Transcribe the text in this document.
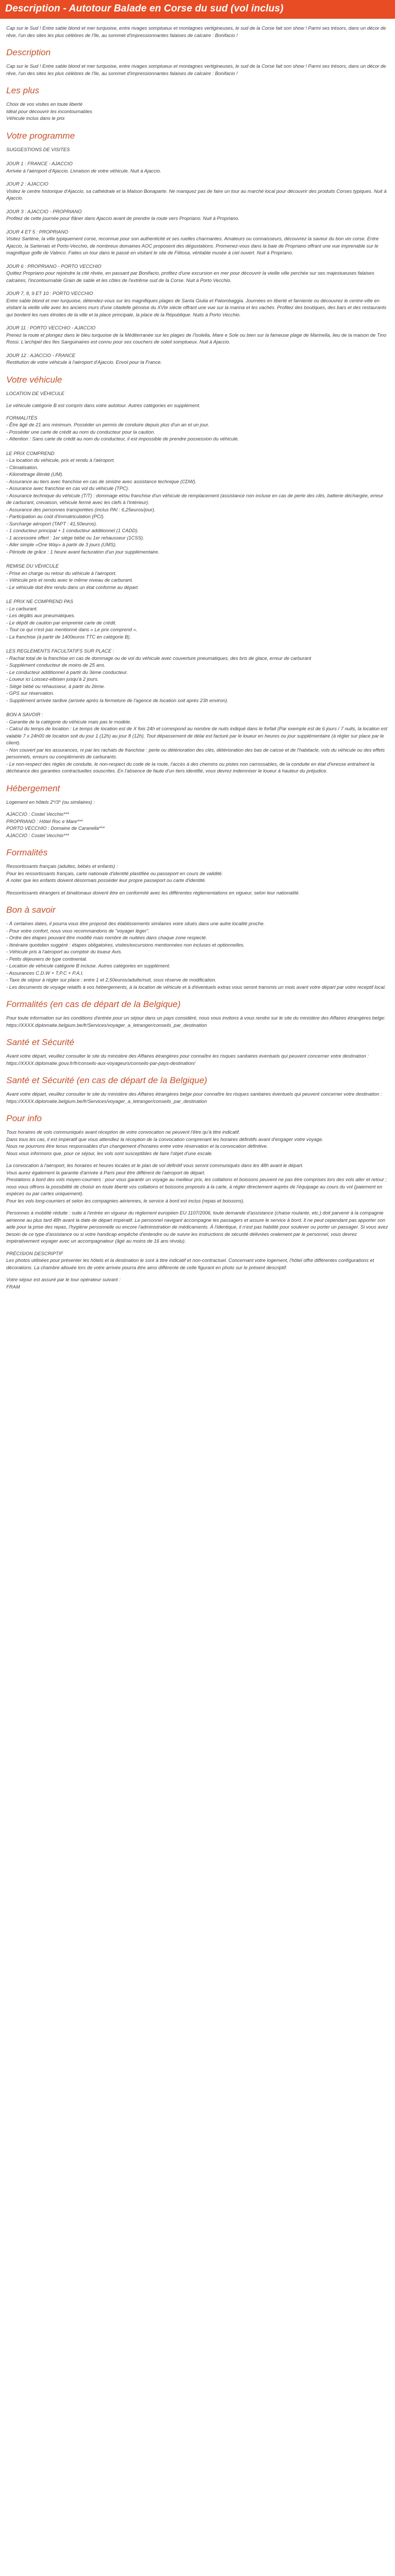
Description - Autotour Balade en Corse du sud (vol inclus)

Cap sur le Sud ! Entre sable blond et mer turquoise, entre rivages somptueux et montagnes vertigineuses, le sud de la Corse fait son show ! Parmi ses trésors, dans un décor de rêve, l'un des sites les plus célèbres de l'île, au sommet d'impressionnantes falaises de calcaire : Bonifacio !

Description

Cap sur le Sud ! Entre sable blond et mer turquoise, entre rivages somptueux et montagnes vertigineuses, le sud de la Corse fait son show ! Parmi ses trésors, dans un décor de rêve, l'un des sites les plus célèbres de l'île, au sommet d'impressionnantes falaises de calcaire : Bonifacio !

Les plus
Choix de vos visites en toute liberté
Idéal pour découvrir les incontournables
Véhicule inclus dans le prix
Votre programme
SUGGESTIONS DE VISITES
JOUR 1 : FRANCE - AJACCIO
Arrivée à l'aéroport d'Ajaccio. Livraison de votre véhicule. Nuit à Ajaccio.
JOUR 2 : AJACCIO
Visitez le centre historique d'Ajaccio, sa cathédrale et la Maison Bonaparte. Ne manquez pas de faire un tour au marché local pour découvrir des produits Corses typiques. Nuit à Ajaccio.
JOUR 3 : AJACCIO - PROPRIANO
Profitez de cette journée pour flâner dans Ajaccio avant de prendre la route vers Propriano. Nuit à Propriano.
JOUR 4 ET 5 : PROPRIANO
Visitez Sartène, la ville typiquement corse, reconnue pour son authenticité et ses ruelles charmantes. Amateurs ou connaisseurs, découvrez la saveur du bon vin corse. Entre Ajaccio, la Sartenais et Porto-Vecchio, de nombreux domaines AOC proposent des dégustations. Promenez-vous dans la baie de Propriano offrant une vue imprenable sur le magnifique golfe de Valinco. Faites un tour dans le passé en visitant le site de Filitosa, véritable musée à ciel ouvert. Nuit à Propriano.
JOUR 6 : PROPRIANO - PORTO VECCHIO
Quittez Propriano pour rejoindre la cité rêvée, en passant par Bonifacio, profitez d'une excursion en mer pour découvrir la vieille ville perchée sur ses majestueuses falaises calcaires, l'incontournable Grain de sable et les côtes de l'extrême sud de la Corse. Nuit à Porto Vecchio.
JOUR 7, 8, 9 ET 10 : PORTO VECCHIO
Entre sable blond et mer turquoise, détendez-vous sur les magnifiques plages de Santa Giulia et Palombaggia. Journées en liberté et farniente ou découvrez le centre-ville en visitant la vieille ville avec les anciens murs d'une citadelle génoise du XVIe siècle offrant une vue sur la marina et les vachés. Profitez des boutiques, des bars et des restaurants qui bordent les rues étroites de la ville et la place principale, la place de la République. Nuits à Porto Vecchio.
JOUR 11 : PORTO VECCHIO - AJACCIO
Prenez la route et plongez dans le bleu turquoise de la Méditerranée sur les plages de l'Isolella, Mare e Sole ou bien sur la fameuse plage de Marinella, lieu de la maison de Tino Rossi. L'archipel des îles Sanguinaires est connu pour ses couchers de soleil somptueux. Nuit à Ajaccio.
JOUR 12 : AJACCIO - FRANCE
Restitution de votre véhicule à l'aéroport d'Ajaccio. Envol pour la France.
Votre véhicule
LOCATION DE VÉHICULE

Le véhicule catégorie B est compris dans votre autotour. Autres catégories en supplément.

FORMALITÉS
- Être âgé de 21 ans minimum. Posséder un permis de conduire depuis plus d'un an et un jour.
- Posséder une carte de crédit au nom du conducteur pour la caution.
- Attention : Sans carte de crédit au nom du conducteur, il est impossible de prendre possession du véhicule.
LE PRIX COMPREND
- La location du véhicule, prix et rendu à l'aéroport.
- Climatisation.
- Kilométrage illimité (UM).
- Assurance au tiers avec franchise en cas de sinistre avec assistance technique (CDW).
- Assurance avec franchise en cas vol du véhicule (TPC).
- Assurance technique du véhicule (T/T) : dommage et/ou franchise d'un véhicule de remplacement (assistance non incluse en cas de perte des clés, batterie déchargée, erreur de carburant, crevaison, véhicule fermé avec les clefs à l'intérieur).
- Assurance des personnes transportées (inclus PAI : 6,25euros/jour).
- Participation au coût d'immatriculation (PCI).
- Surcharge aéroport (TAPT : 41,50euros).
- 1 conducteur principal + 1 conducteur additionnel (1 CADD).
- 1 accessoire offert : 1er siège bébé ou 1er rehausseur (1CSS).
- Aller simple «One Way» à partir de 3 jours (UMS).
- Période de grâce : 1 heure avant facturation d'un jour supplémentaire.
REMISE DU VÉHICULE
- Prise en charge ou retour du véhicule à l'aéroport.
- Véhicule pris et rendu avec le même niveau de carburant.
- Le véhicule doit être rendu dans un état conforme au départ.
LE PRIX NE COMPREND PAS
- Le carburant.
- Les dégâts aux pneumatiques.
- Le dépôt de caution par empreinte carte de crédit.
- Tout ce qui n'est pas mentionné dans « Le prix comprend ».
- La franchise (à partir de 1400euros TTC en catégorie B).
LES REGLEMENTS FACULTATIFS SUR PLACE :
- Rachat total de la franchise en cas de dommage ou de vol du véhicule avec couverture pneumatiques, des bris de glace, erreur de carburant
- Supplément conducteur de moins de 25 ans.
- Le conducteur additionnel à partir du 3ème conducteur.
- Loueur ici Loissez-elbisen jusqu'à 2 jours.
- Siège bébé ou rehausseur, à partir du 2ème.
- GPS sur réservation.
- Supplément arrivée tardive (arrivée après la fermeture de l'agence de location soit après 23h environ).
BON A SAVOIR :
- Garantie de la catégorie du véhicule mais pas le modèle.
- Calcul du temps de location : Le temps de location est de X fois 24h et correspond au nombre de nuits indiqué dans le forfait (Par exemple est de 6 jours / 7 nuits, la location est valable 7 x 24h00 de location soit du jour 1 (12h) au jour 8 (12h). Tout dépassement de délai est facturé par le loueur en heures ou jour supplémentaire (à régler sur place par le client).
- Non couvert par les assurances, ni par les rachats de franchise : perte ou détérioration des clés, détérioration des bas de caisse et de l'habitacle, vols du véhicule ou des effets personnels, erreurs ou compléments de carburants.
- Le non-respect des règles de conduite, le non-respect du code de la route, l'accès à des chemins ou pistes non carrossables, de la conduite en état d'ivresse entraînent la déchéance des garanties contractuelles souscrites. En l'absence de faute d'un tiers identifié, vous devrez indemniser le loueur à hauteur du préjudice.
Hébergement
Logement en hôtels 2*/3* (ou similaires) :
AJACCIO : Costel Vecchio***
PROPRIANO : Hôtel Roc e Mare***
PORTO VECCHIO : Domaine de Caranella***
AJACCIO : Costel Vecchio***
Formalités

Ressortissants français (adultes, bébés et enfants) :
Pour les ressortissants français, carte nationale d'identité plastifiée ou passeport en cours de validité.
A noter que les enfants doivent désormais posséder leur propre passeport ou carte d'identité.

Ressortissants étrangers et binationaux doivent être en conformité avec les différentes réglementations en vigueur, selon leur nationalité.

Bon à savoir
- À certaines dates, il pourra vous être proposé des établissements similaires voire situés dans une autre localité proche.
- Pour votre confort, nous vous recommandons de "voyager léger".
- Ordre des étapes pouvant être modifié mais nombre de nuitées dans chaque zone respecté.
- Itinéraire quotidien suggéré : étapes obligatoires, visites/excursions mentionnées non incluses et optionnelles.
- Véhicule pris à l'aéroport au comptoir du loueur Avis.
- Petits déjeuners de type continental.
- Location de véhicule catégorie B incluse. Autres catégories en supplément.
- Assurances C.D.W + T.P.C + P.A.I.
- Taxe de séjour à régler sur place : entre 1 et 2,50euros/adulte/nuit, sous réserve de modification.
- Les documents de voyage relatifs à vos hébergements, à la location de véhicule et à d'éventuels extras vous seront transmis un mois avant votre départ par votre receptif local.
Formalités (en cas de départ de la Belgique)

Pour toute information sur les conditions d'entrée pour un séjour dans un pays considéré, nous vous invitons à vous rendre sur le site du ministère des Affaires étrangères belge: https://XXXX.diplomatie.belgium.be/fr/Services/voyager_a_letranger/conseils_par_destination

Santé et Sécurité

Avant votre départ, veuillez consulter le site du ministère des Affaires étrangères pour connaître les risques sanitaires éventuels qui peuvent concerner votre destination : https://XXXX.diplomatie.gouv.fr/fr/conseils-aux-voyageurs/conseils-par-pays-destination/

Santé et Sécurité (en cas de départ de la Belgique)

Avant votre départ, veuillez consulter le site du ministère des Affaires étrangères belge pour connaître les risques sanitaires éventuels qui peuvent concerner votre destination : https://XXXX.diplomatie.belgium.be/fr/Services/voyager_a_letranger/conseils_par_destination

Pour info

Tous horaires de vols communiqués avant réception de votre convocation ne peuvent l'être qu'à titre indicatif.
Dans tous les cas, il est impératif que vous attendiez la réception de la convocation comprenant les horaires définitifs avant d'engager votre voyage.
Nous ne pourrons être tenus responsables d'un changement d'horaires entre votre réservation et la convocation définitive.
Nous vous informons que, pour ce séjour, les vols sont susceptibles de faire l'objet d'une escale.

La convocation à l'aéroport, les horaires et heures locales et le plan de vol définitif vous seront communiqués dans les 48h avant le départ.
Vous aurez également la garantie d'arrivée à Paris peut être différent de l'aéroport de départ.
Prestations à bord des vols moyen-courriers : pour vous garantir un voyage au meilleur prix, les collations et boissons peuvent ne pas être comprises lors des vols aller et retour ; nous vous offrons la possibilité de choisir en toute liberté vos collations et boissons proposés à la carte, à régler directement auprès de l'équipage au cours du vol (paiement en espèces ou par cartes uniquement).
Pour les vols long-courriers et selon les compagnies aériennes, le service à bord est inclus (repas et boissons).

Personnes à mobilité réduite : suite à l'entrée en vigueur du règlement européen EU 1107/2006, toute demande d'assistance (chaise roulante, etc.) doit parvenir à la compagnie aérienne au plus tard 48h avant la date de départ impératif. Le personnel navigant accompagne les passagers et assure le service à bord. Il ne peut cependant pas apporter son aide pour la prise des repas, l'hygiène personnelle ou encore l'administration de médicaments. À l'identique, il n'est pas habilité pour soulever ou porter un passager. Si vous avez besoin de ce type d'assistance ou si votre handicap empêche d'entendre ou de suivre les instructions de sécurité délivrées oralement par le personnel, vous devrez impérativement voyager avec un accompagnateur (âgé au moins de 16 ans révolu).

PRÉCISION DESCRIPTIF
Les photos utilisées pour présenter les hôtels et la destination le sont à titre indicatif et non-contractuel. Concernant votre logement, l'hôtel offre différentes configurations et décorations. La chambre allouée lors de votre arrivée pourra être ainsi différente de celle figurant en photo sur le présent descriptif.

Votre séjour est assuré par le tour opérateur suivant :
FRAM
